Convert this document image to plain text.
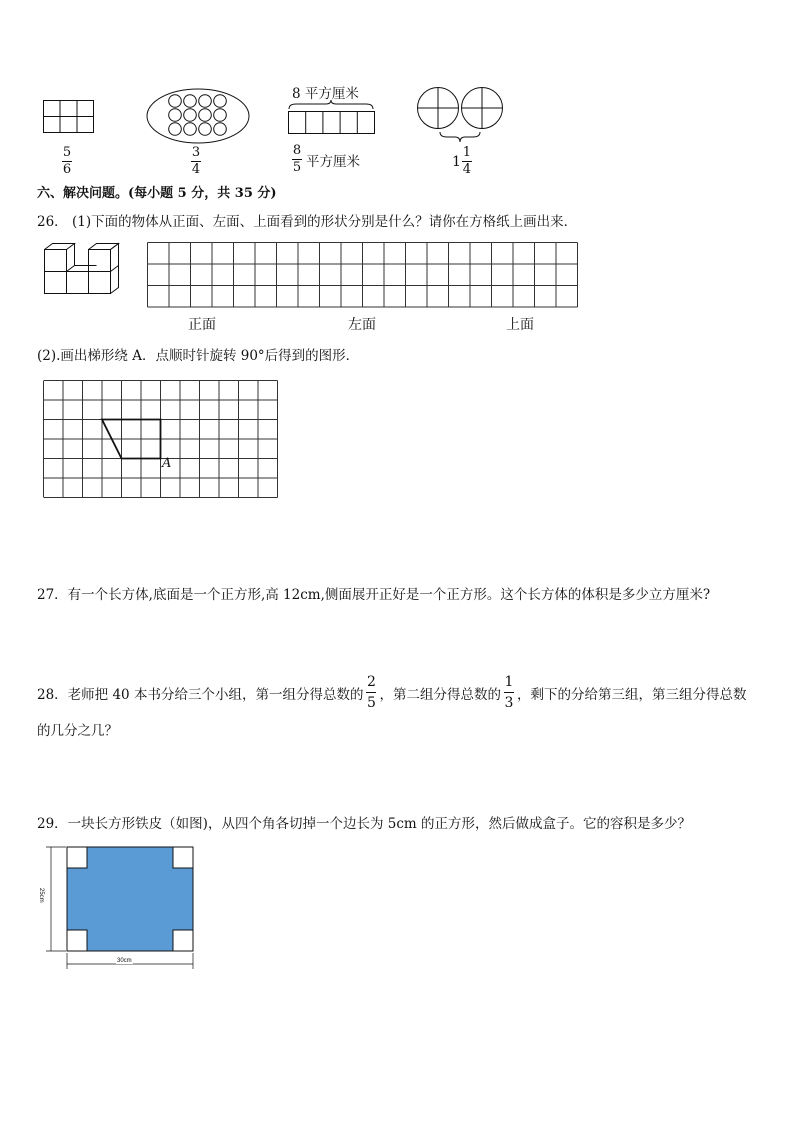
5
6
3
4
8 平方厘米
8
5 平方厘米	$1 \frac{1}{4}$
六、解决问题。(每小题 5 分，共 35 分)
26． (1)下面的物体从正面、左面、上面看到的形状分别是什么？请你在方格纸上画出来．
正面	左面	上面
(2).画出梯形绕 A．点顺时针旋转 90°后得到的图形．
A
27．有一个长方体,底面是一个正方形,高 12cm,侧面展开正好是一个正方形。这个长方体的体积是多少立方厘米?
28．老师把 40 本书分给三个小组，第一组分得总数的 $\frac{2}{5}$ ，第二组分得总数的 $\frac{1}{3}$ ，剩下的分给第三组，第三组分得总数
的几分之几？
29．一块长方形铁皮（如图)，从四个角各切掉一个边长为 5cm 的正方形，然后做成盒子。它的容积是多少？
25cm
30cm
